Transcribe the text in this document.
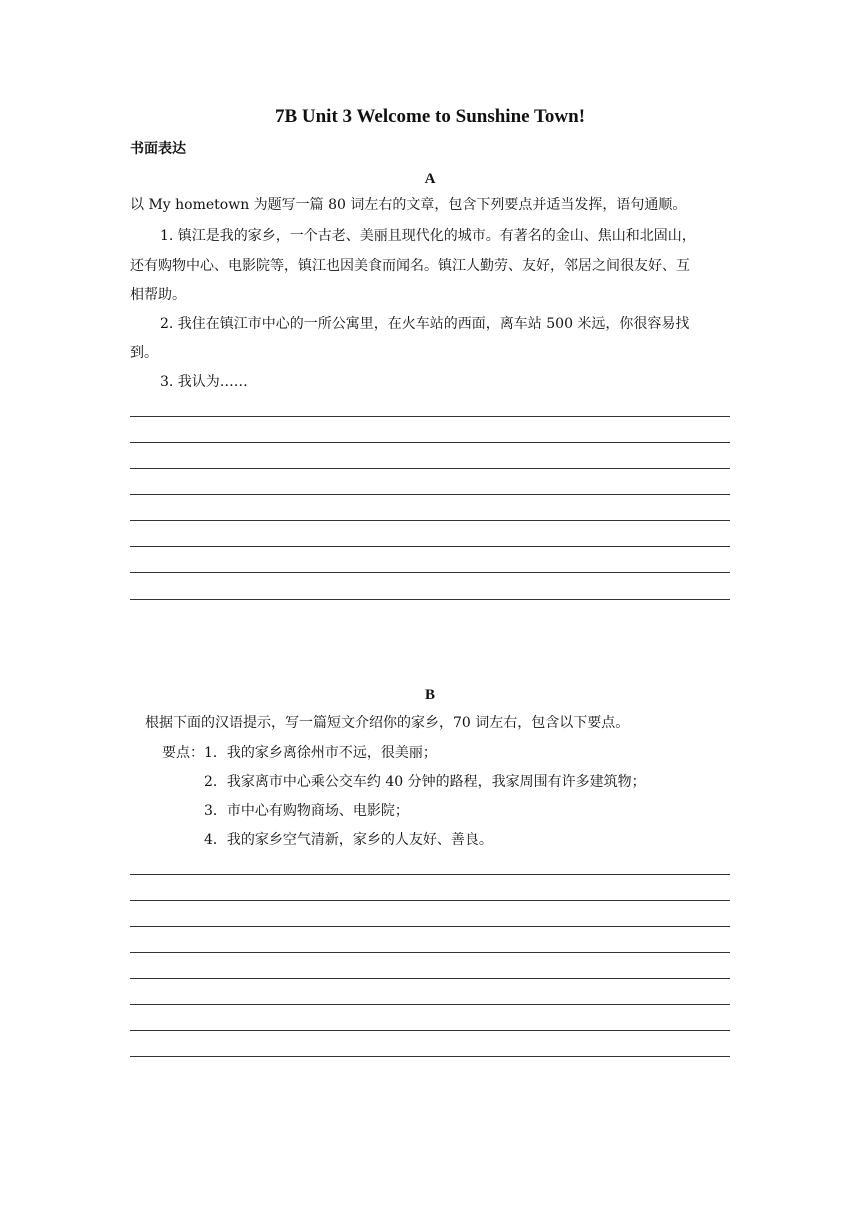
7B Unit 3 Welcome to Sunshine Town!
书面表达
A
以 My hometown 为题写一篇 80 词左右的文章，包含下列要点并适当发挥，语句通顺。
1. 镇江是我的家乡，一个古老、美丽且现代化的城市。有著名的金山、焦山和北固山，
还有购物中心、电影院等，镇江也因美食而闻名。镇江人勤劳、友好，邻居之间很友好、互
相帮助。
2. 我住在镇江市中心的一所公寓里，在火车站的西面，离车站 500 米远，你很容易找
到。
3. 我认为……
B
根据下面的汉语提示，写一篇短文介绍你的家乡，70 词左右，包含以下要点。
要点： 1．我的家乡离徐州市不远，很美丽；
2．我家离市中心乘公交车约 40 分钟的路程，我家周围有许多建筑物；
3．市中心有购物商场、电影院；
4．我的家乡空气清新，家乡的人友好、善良。
